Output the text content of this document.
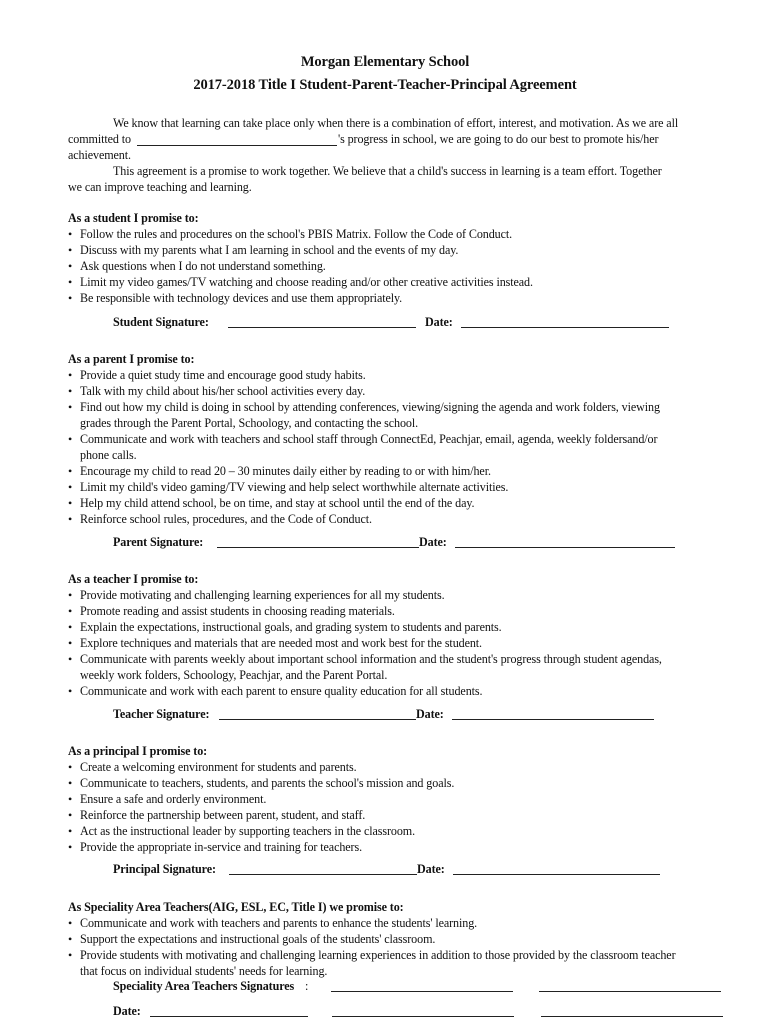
Morgan Elementary School
2017-2018 Title I Student-Parent-Teacher-Principal Agreement
We know that learning can take place only when there is a combination of effort, interest, and motivation. As we are all
committed to	's progress in school, we are going to do our best to promote his/her
achievement.
This agreement is a promise to work together. We believe that a child's success in learning is a team effort. Together
we can improve teaching and learning.
As a student I promise to:
• Follow the rules and procedures on the school's PBIS Matrix. Follow the Code of Conduct.
• Discuss with my parents what I am learning in school and the events of my day.
• Ask questions when I do not understand something.
• Limit my video games/TV watching and choose reading and/or other creative activities instead.
• Be responsible with technology devices and use them appropriately.
Student Signature:	Date:
As a parent I promise to:
• Provide a quiet study time and encourage good study habits.
• Talk with my child about his/her school activities every day.
• Find out how my child is doing in school by attending conferences, viewing/signing the agenda and work folders, viewing
grades through the Parent Portal, Schoology, and contacting the school.
• Communicate and work with teachers and school staff through ConnectEd, Peachjar, email, agenda, weekly foldersand/or
phone calls.
• Encourage my child to read 20 – 30 minutes daily either by reading to or with him/her.
• Limit my child's video gaming/TV viewing and help select worthwhile alternate activities.
• Help my child attend school, be on time, and stay at school until the end of the day.
• Reinforce school rules, procedures, and the Code of Conduct.
Parent Signature:	Date:
As a teacher I promise to:
• Provide motivating and challenging learning experiences for all my students.
• Promote reading and assist students in choosing reading materials.
• Explain the expectations, instructional goals, and grading system to students and parents.
• Explore techniques and materials that are needed most and work best for the student.
• Communicate with parents weekly about important school information and the student's progress through student agendas,
weekly work folders, Schoology, Peachjar, and the Parent Portal.
• Communicate and work with each parent to ensure quality education for all students.
Teacher Signature:	Date:
As a principal I promise to:
• Create a welcoming environment for students and parents.
• Communicate to teachers, students, and parents the school's mission and goals.
• Ensure a safe and orderly environment.
• Reinforce the partnership between parent, student, and staff.
• Act as the instructional leader by supporting teachers in the classroom.
• Provide the appropriate in-service and training for teachers.
Principal Signature:	Date:
As Speciality Area Teachers(AIG, ESL, EC, Title I) we promise to:
• Communicate and work with teachers and parents to enhance the students' learning.
• Support the expectations and instructional goals of the students' classroom.
• Provide students with motivating and challenging learning experiences in addition to those provided by the classroom teacher
that focus on individual students' needs for learning.
Speciality Area Teachers Signatures :
Date:
